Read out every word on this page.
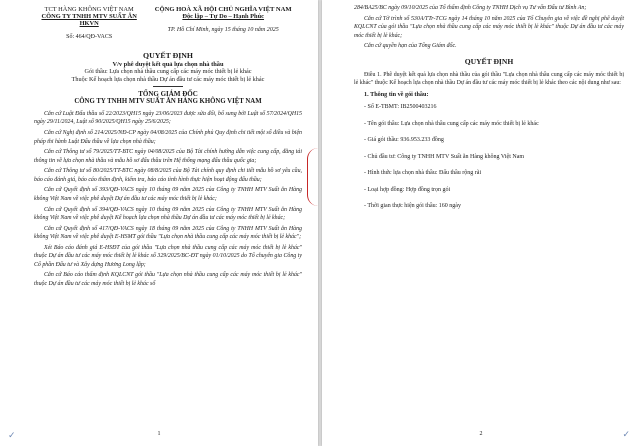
TCT HÀNG KHÔNG VIỆT NAM
CÔNG TY TNHH MTV SUẤT ĂN HKVN
Số: 464/QĐ-VACS
CỘNG HOÀ XÃ HỘI CHỦ NGHĨA VIỆT NAM
Độc lập – Tự Do – Hạnh Phúc
TP. Hồ Chí Minh, ngày 15 tháng 10 năm 2025
QUYẾT ĐỊNH
V/v phê duyệt kết quả lựa chọn nhà thầu
Gói thầu: Lựa chọn nhà thầu cung cấp các máy móc thiết bị lẻ khác
Thuộc Kế hoạch lựa chọn nhà thầu Dự án đầu tư các máy móc thiết bị lẻ khác
TỔNG GIÁM ĐỐC
CÔNG TY TNHH MTV SUẤT ĂN HÀNG KHÔNG VIỆT NAM

Căn cứ Luật Đấu thầu số 22/2023/QH15 ngày 23/06/2023 được sửa đổi, bổ sung bởi Luật số 57/2024/QH15 ngày 29/11/2024, Luật số 90/2025/QH15 ngày 25/6/2025;

Căn cứ Nghị định số 214/2025/NĐ-CP ngày 04/08/2025 của Chính phủ Quy định chi tiết một số điều và biện pháp thi hành Luật Đấu thầu về lựa chọn nhà thầu;

Căn cứ Thông tư số 79/2025/TT-BTC ngày 04/08/2025 của Bộ Tài chính hướng dẫn việc cung cấp, đăng tải thông tin về lựa chọn nhà thầu và mẫu hồ sơ đấu thầu trên Hệ thống mạng đấu thầu quốc gia;

Căn cứ Thông tư số 80/2025/TT-BTC ngày 08/8/2025 của Bộ Tài chính quy định chi tiết mẫu hồ sơ yêu cầu, báo cáo đánh giá, báo cáo thẩm định, kiểm tra, báo cáo tình hình thực hiện hoạt động đấu thầu;

Căn cứ Quyết định số 393/QĐ-VACS ngày 10 tháng 09 năm 2025 của Công ty TNHH MTV Suất ăn Hàng không Việt Nam về việc phê duyệt Dự án đầu tư các máy móc thiết bị lẻ khác;

Căn cứ Quyết định số 394/QĐ-VACS ngày 10 tháng 09 năm 2025 của Công ty TNHH MTV Suất ăn Hàng không Việt Nam về việc phê duyệt Kế hoạch lựa chọn nhà thầu Dự án đầu tư các máy móc thiết bị lẻ khác;

Căn cứ Quyết định số 417/QĐ-VACS ngày 18 tháng 09 năm 2025 của Công ty TNHH MTV Suất ăn Hàng không Việt Nam về việc phê duyệt E-HSMT gói thầu "Lựa chọn nhà thầu cung cấp các máy móc thiết bị lẻ khác";

Xét Báo cáo đánh giá E-HSĐT của gói thầu "Lựa chọn nhà thầu cung cấp các máy móc thiết bị lẻ khác" thuộc Dự án đầu tư các máy móc thiết bị lẻ khác số 329/2025/BC-ĐT ngày 01/10/2025 do Tổ chuyên gia Công ty Cổ phần Đấu tư và Xây dựng Hương Long lập;

Căn cứ Báo cáo thẩm định KQLCNT gói thầu "Lựa chọn nhà thầu cung cấp các máy móc thiết bị lẻ khác" thuộc Dự án đầu tư các máy móc thiết bị lẻ khác số

1
✓

284/BA25/BC ngày 09/10/2025 của Tổ thẩm định Công ty TNHH Dịch vụ Tư vấn Đấu tư Bình An;

Căn cứ Tờ trình số 530A/TTr-TCG ngày 14 tháng 10 năm 2025 của Tổ Chuyên gia về việc đề nghị phê duyệt KQLCNT của gói thầu "Lựa chọn nhà thầu cung cấp các máy móc thiết bị lẻ khác" thuộc Dự án đầu tư các máy móc thiết bị lẻ khác;

Căn cứ quyền hạn của Tổng Giám đốc.

QUYẾT ĐỊNH

Điều 1. Phê duyệt kết quả lựa chọn nhà thầu của gói thầu "Lựa chọn nhà thầu cung cấp các máy móc thiết bị lẻ khác" thuộc Kế hoạch lựa chọn nhà thầu Dự án đầu tư các máy móc thiết bị lẻ khác theo các nội dung như sau:

1. Thông tin về gói thầu:
- Số E-TBMT: IB2500403216
- Tên gói thầu: Lựa chọn nhà thầu cung cấp các máy móc thiết bị lẻ khác
- Giá gói thầu: 936.953.233 đồng
- Chủ đầu tư: Công ty TNHH MTV Suất ăn Hàng không Việt Nam
- Hình thức lựa chọn nhà thầu: Đấu thầu rộng rãi
- Loại hợp đồng: Hợp đồng trọn gói
- Thời gian thực hiện gói thầu: 160 ngày
2	✓
